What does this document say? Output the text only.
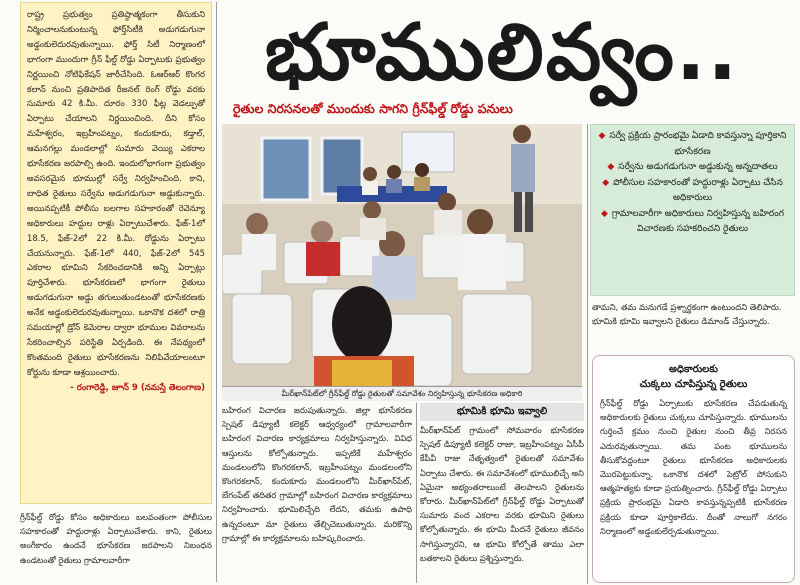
రాష్ట్ర ప్రభుత్వం ప్రతిష్ఠాత్మకంగా తీసుకుని నిర్మించాలనుకుంటున్న ఫోర్త్‌సిటీకి అడుగడుగునా అడ్డంకులెదురవుతున్నాయి. ఫోర్త్ సిటీ నిర్మాణంలో భాగంగా ముందుగా గ్రీన్ ఫీల్డ్ రోడ్డు ఏర్పాటుకు ప్రభుత్వం నిర్ణయించి నోటిఫికేషన్ జారీచేసింది. ఓఆర్‌ఆర్ కొంగర కలాన్ నుంచి ప్రతిపాదిత రీజనల్ రింగ్ రోడ్డు వరకు సుమారు 42 కి.మీ. దూరం 330 ఫీట్ల వెడల్పుతో ఏర్పాటు చేయాలని నిర్ణయించింది. దీని కోసం మహేశ్వరం, ఇబ్రహీంపట్నం, కందుకూరు, కడ్తాల్, ఆమనగల్లు మండలాల్లో సుమారు వెయ్యి ఎకరాల భూసేకరణ జరపాల్సి ఉంది. ఇందులోభాగంగా ప్రభుత్వం అవసరమైన భూముల్లో సర్వే నిర్వహించింది. కాని, బాధిత రైతులు సర్వేను అడుగడుగునా అడ్డుకున్నారు. అయినప్పటికీ పోలీసు బలగాల సహకారంతో రెవెన్యూ అధికారులు హద్దుల రాళ్లు ఏర్పాటుచేశారు. ఫేజ్-1లో 18.5, ఫేజ్-2లో 22 కి.మీ. రోడ్డును ఏర్పాటు చేయనున్నారు. ఫేజ్-1లో 440, ఫేజ్-2లో 545 ఎకరాల భూమిని సేకరించడానికి అన్ని ఏర్పాట్లు పూర్తిచేశారు. భూసేకరణలో భాగంగా రైతులు అడుగడుగునా అడ్డు తగులుతుండటంతో భూసేకరణకు అనేక అడ్డంకులెదురవుతున్నాయి. ఒకానొక దశలో రాత్రి సమయాల్లో డ్రోన్ కెమెరాల ద్వారా భూముల వివరాలను సేకరించాల్సిన పరిస్థితి ఏర్పడింది. ఈ నేపథ్యంలో కొంతమంది రైతులు భూసేకరణను నిలిపివేయాలంటూ కోర్టును కూడా ఆశ్రయించారు.
- రంగారెడ్డి, జూన్ 9 (నమస్తే తెలంగాణ)
గ్రీన్‌ఫీల్డ్ రోడ్డు కోసం అధికారులు బలవంతంగా పోలీసుల సహకారంతో హద్దురాళ్లు ఏర్పాటుచేశారు. కాని, రైతులు అంగీకారం ఉందనే భూసేకరణ జరపాలని నిబంధన ఉండటంతో రైతులు గ్రామాలవారీగా
భూములివ్వం..
రైతుల నిరసనలతో ముందుకు సాగని గ్రీన్‌ఫీల్డ్ రోడ్డు పనులు
మీర్‌ఖాన్‌పేట్‌లో గ్రీన్‌ఫీల్డ్ రోడ్డు రైతులతో సమావేశం నిర్వహిస్తున్న భూసేకరణ అధికారి
◆ సర్వే ప్రక్రియ ప్రారంభమై ఏడాది కావస్తున్నా పూర్తికాని భూసేకరణ
◆ సర్వేను అడుగడుగునా అడ్డుకున్న అన్నదాతలు
◆ పోలీసుల సహకారంతో హద్దురాళ్లు ఏర్పాటు చేసిన అధికారులు
◆ గ్రామాలవారీగా అధికారులు నిర్వహిస్తున్న బహిరంగ విచారణకు సహకరించని రైతులు
తామని, తమ మనుగడే ప్రశ్నార్థకంగా ఉంటుందని తెలిపారు. భూమికి భూమి ఇవ్వాలని రైతులు డిమాండ్ చేస్తున్నారు.
అధికారులకు
చుక్కలు చూపిస్తున్న రైతులు
గ్రీన్‌ఫీల్డ్ రోడ్డు ఏర్పాటుకు భూసేకరణ చేపడుతున్న అధికారులకు రైతులు చుక్కలు చూపిస్తున్నారు. భూములను గుర్తించే క్రమం నుంచి రైతుల నుంచి తీవ్ర నిరసన ఎదురవుతున్నాయి. తమ పంట భూములను తీసుకోవద్దంటూ రైతులు భూసేకరణ అధికారులకు మొరపెట్టుకున్నా. ఒకానొక దశలో పెట్రోల్ పోసుకుని ఆత్మహత్యకు కూడా ప్రయత్నించారు. గ్రీన్‌ఫీల్డ్ రోడ్డు ఏర్పాటు ప్రక్రియ ప్రారంభమై ఏడాది కావస్తున్నప్పటికీ భూసేకరణ ప్రక్రియ కూడా పూర్తికాలేదు. దీంతో నాలుగో నగరం నిర్మాణంలో అడ్డంకులేర్పడుతున్నాయి.
బహిరంగ విచారణ జరుపుతున్నారు. జిల్లా భూసేకరణ స్పెషల్ డిప్యూటీ కలెక్టర్ ఆధ్వర్యంలో గ్రామాలవారీగా బహిరంగ విచారణ కార్యక్రమాలు నిర్వహిస్తున్నారు. వివిధ ఆస్తులను కోల్పోతున్నారు. ఇప్పటికే మహేశ్వరం మండలంలోని కొంగరకలాన్, ఇబ్రహీంపట్నం మండలంలోని కొంగరకలాన్, కందుకూరు మండలంలోని మీర్‌ఖాన్‌పేట్, బేగంపేట్ తదితర గ్రామాల్లో బహిరంగ విచారణ కార్యక్రమాలు నిర్వహించారు. భూమిలిచ్చేది లేదని, తమకు ఉపాధి ఉన్నదంటూ మా రైతులు తేల్చిచెబుతున్నారు. మరికొన్ని గ్రామాల్లో ఈ కార్యక్రమాలను బహిష్కరించారు.
భూమికి భూమి ఇవ్వాలి
మీర్‌ఖాన్‌పేట్ గ్రామంలో సోమవారం భూసేకరణ స్పెషల్ డిప్యూటీ కలెక్టర్ రాజా, ఇబ్రహీంపట్నం ఏసీపీ కేపీవీ రాజు నేతృత్వంలో రైతులతో సమావేశం ఏర్పాటు చేశారు. ఈ సమావేశంలో భూములిచ్చే అని ఏమైనా అభ్యంతరాలుంటే తెలపాలని రైతులను కోరారు. మీర్‌ఖాన్‌పేట్‌లో గ్రీన్‌ఫీల్డ్ రోడ్డు ఏర్పాటుతో సుమారు వంద ఎకరాల వరకు భూమిని రైతులు కోల్పోతున్నారు. ఈ భూమి మీదనే రైతులు జీవనం సాగిస్తున్నారని, ఆ భూమి కోల్పోతే తాము ఎలా బతకాలని రైతులు ప్రశ్నిస్తున్నారు.
